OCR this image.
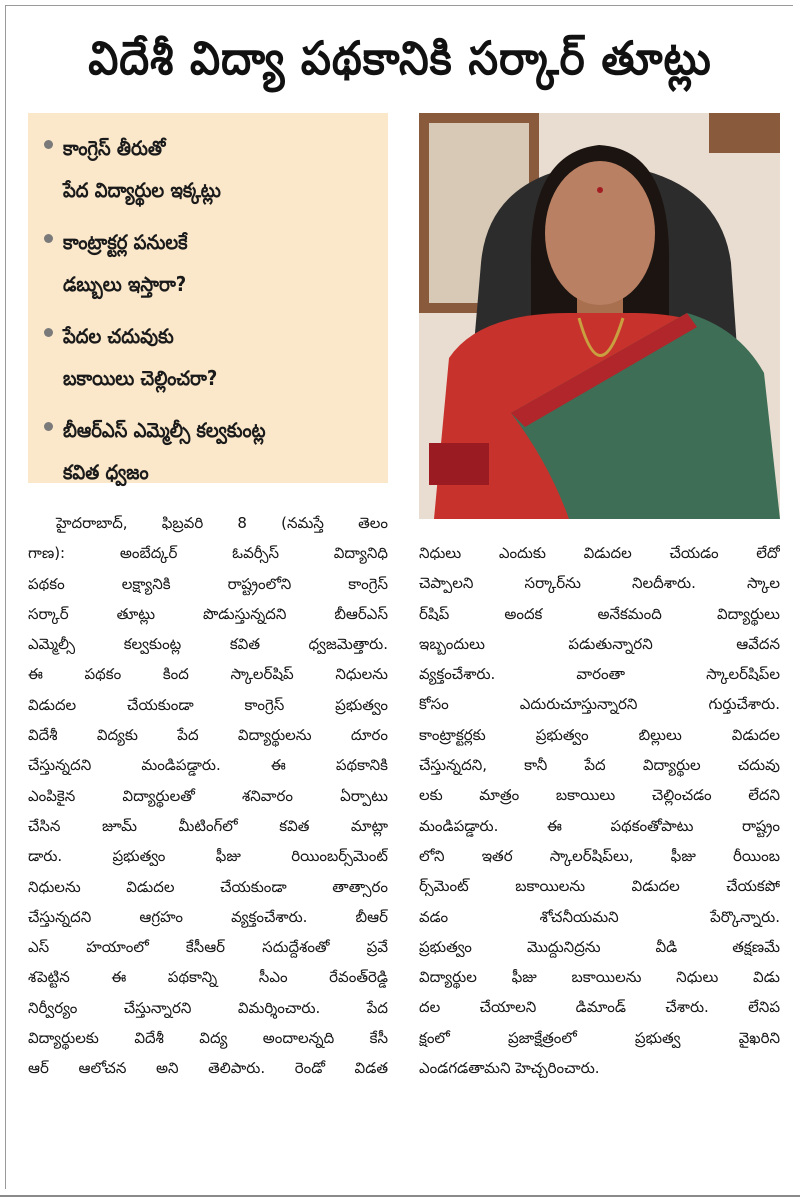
విదేశీ విద్యా పథకానికి సర్కార్ తూట్లు
కాంగ్రెస్ తీరుతో
పేద విద్యార్థుల ఇక్కట్లు
కాంట్రాక్టర్ల పనులకే
డబ్బులు ఇస్తారా?
పేదల చదువుకు
బకాయిలు చెల్లించరా?
బీఆర్ఎస్ ఎమ్మెల్సీ కల్వకుంట్ల
కవిత ధ్వజం
హైదరాబాద్, ఫిబ్రవరి 8 (నమస్తే తెలం
గాణ): అంబేద్కర్ ఓవర్సీస్ విద్యానిధి
పథకం లక్ష్యానికి రాష్ట్రంలోని కాంగ్రెస్
సర్కార్ తూట్లు పొడుస్తున్నదని బీఆర్ఎస్
ఎమ్మెల్సీ కల్వకుంట్ల కవిత ధ్వజమెత్తారు.
ఈ పథకం కింద స్కాలర్‌షిప్ నిధులను
విడుదల చేయకుండా కాంగ్రెస్ ప్రభుత్వం
విదేశీ విద్యకు పేద విద్యార్థులను దూరం
చేస్తున్నదని మండిపడ్డారు. ఈ పథకానికి
ఎంపికైన విద్యార్థులతో శనివారం ఏర్పాటు
చేసిన జూమ్ మీటింగ్‌లో కవిత మాట్లా
డారు. ప్రభుత్వం ఫీజు రియింబర్స్‌మెంట్
నిధులను విడుదల చేయకుండా తాత్సారం
చేస్తున్నదని ఆగ్రహం వ్యక్తంచేశారు. బీఆర్
ఎస్ హయాంలో కేసీఆర్ సదుద్దేశంతో ప్రవే
శపెట్టిన ఈ పథకాన్ని సీఎం రేవంత్‌రెడ్డి
నిర్వీర్యం చేస్తున్నారని విమర్శించారు. పేద
విద్యార్థులకు విదేశీ విద్య అందాలన్నది కేసీ
ఆర్ ఆలోచన అని తెలిపారు. రెండో విడత
నిధులు ఎందుకు విడుదల చేయడం లేదో
చెప్పాలని సర్కార్‌ను నిలదీశారు. స్కాల
ర్‌షిప్ అందక అనేకమంది విద్యార్థులు
ఇబ్బందులు పడుతున్నారని ఆవేదన
వ్యక్తంచేశారు. వారంతా స్కాలర్‌షిప్‌ల
కోసం ఎదురుచూస్తున్నారని గుర్తుచేశారు.
కాంట్రాక్టర్లకు ప్రభుత్వం బిల్లులు విడుదల
చేస్తున్నదని, కానీ పేద విద్యార్థుల చదువు
లకు మాత్రం బకాయిలు చెల్లించడం లేదని
మండిపడ్డారు. ఈ పథకంతోపాటు రాష్ట్రం
లోని ఇతర స్కాలర్‌షిప్‌లు, ఫీజు రీయింబ
ర్స్‌మెంట్ బకాయిలను విడుదల చేయకపో
వడం శోచనీయమని పేర్కొన్నారు.
ప్రభుత్వం మొద్దునిద్రను వీడి తక్షణమే
విద్యార్థుల ఫీజు బకాయిలను నిధులు విడు
దల చేయాలని డిమాండ్ చేశారు. లేనిప
క్షంలో ప్రజాక్షేత్రంలో ప్రభుత్వ వైఖరిని
ఎండగడతామని హెచ్చరించారు.
